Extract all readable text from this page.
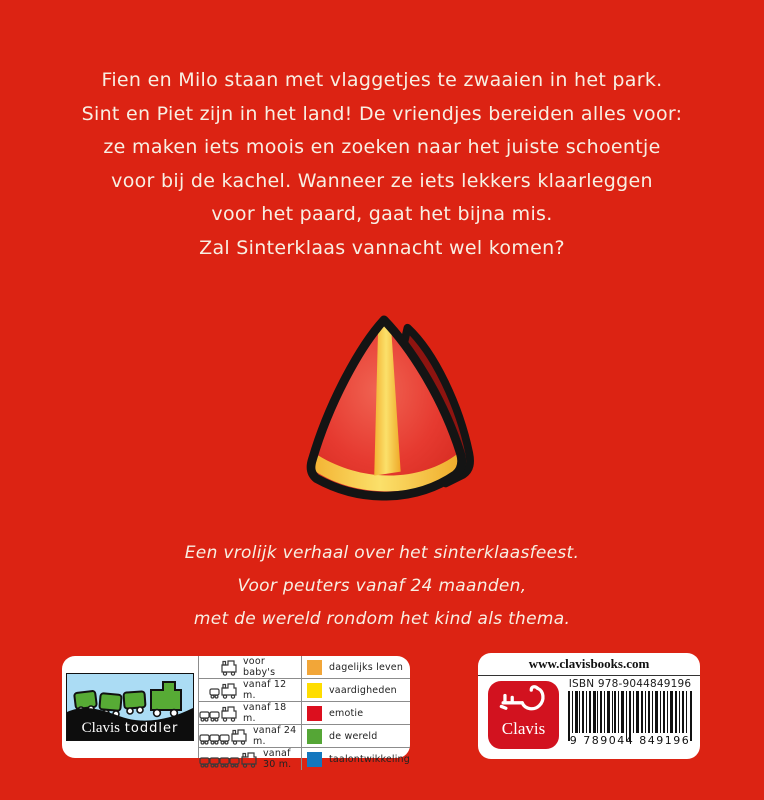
Fien en Milo staan met vlaggetjes te zwaaien in het park.
Sint en Piet zijn in het land! De vriendjes bereiden alles voor:
ze maken iets moois en zoeken naar het juiste schoentje
voor bij de kachel. Wanneer ze iets lekkers klaarleggen
voor het paard, gaat het bijna mis.
Zal Sinterklaas vannacht wel komen?
Een vrolijk verhaal over het sinterklaasfeest.
Voor peuters vanaf 24 maanden,
met de wereld rondom het kind als thema.
Clavis toddler
voor baby's	dagelijks leven
vanaf 12 m.	vaardigheden
vanaf 18 m.	emotie
vanaf 24 m.	de wereld
vanaf 30 m.	taalontwikkeling
www.clavisbooks.com
Clavis
ISBN 978-9044849196
9 789044 849196
